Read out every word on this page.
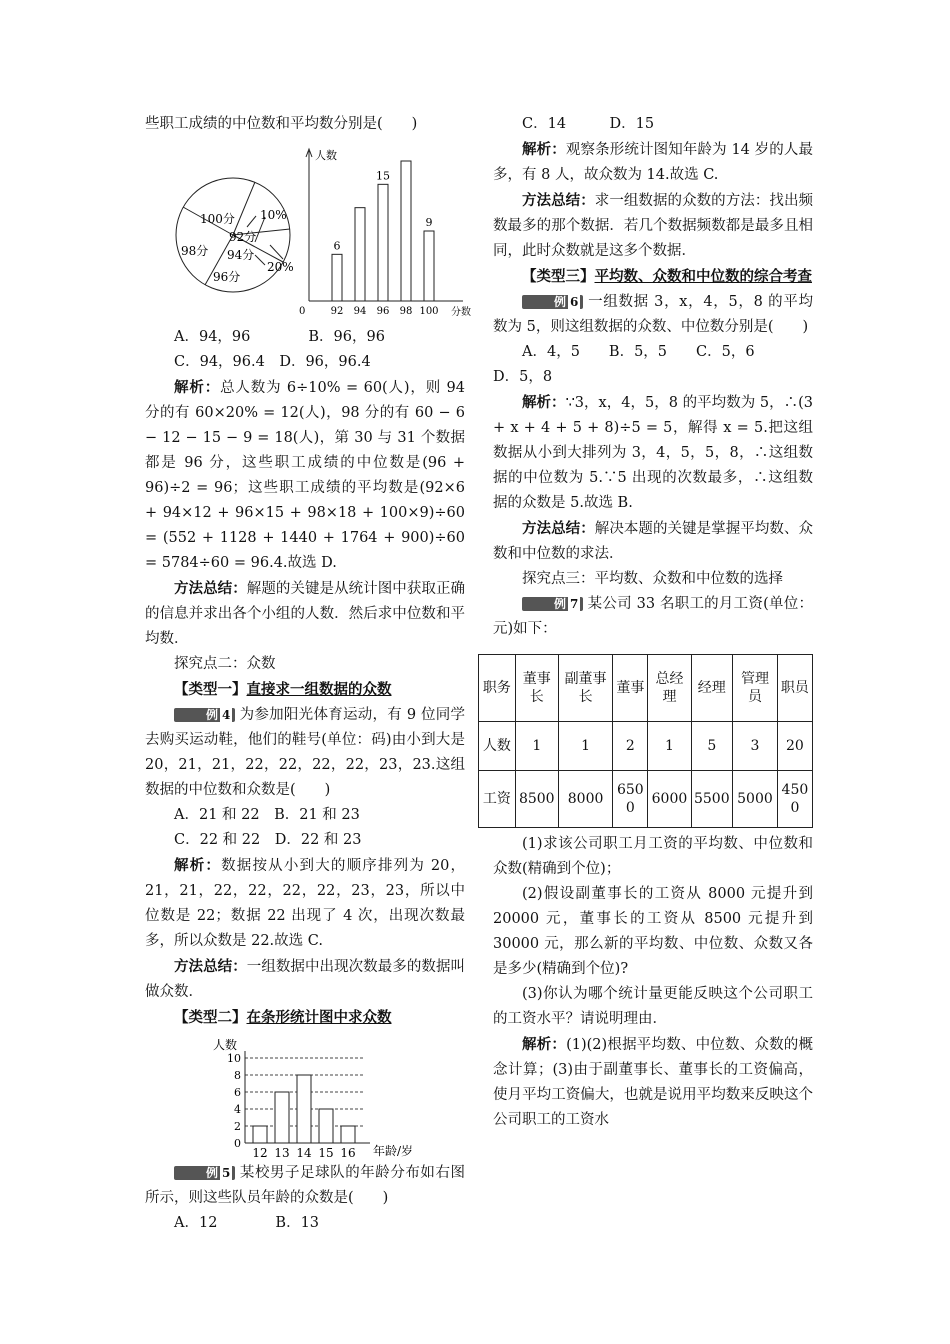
些职工成绩的中位数和平均数分别是(　　)

100分
92分
94分
96分
98分
10%
20%
人数
分数
0	92
6
94 96
15
98 100
9

A．94，96　　　　B．96，96

C．94，96.4　D．96，96.4

解析：总人数为 6÷10% = 60(人)，则 94 分的有 60×20% = 12(人)，98 分的有 60 − 6 − 12 − 15 − 9 = 18(人)，第 30 与 31 个数据都是 96 分，这些职工成绩的中位数是(96 + 96)÷2 = 96；这些职工成绩的平均数是(92×6 + 94×12 + 96×15 + 98×18 + 100×9)÷60 = (552 + 1128 + 1440 + 1764 + 900)÷60 = 5784÷60 = 96.4.故选 D.

方法总结：解题的关键是从统计图中获取正确的信息并求出各个小组的人数．然后求中位数和平均数．

探究点二：众数

【类型一】直接求一组数据的众数

例 4 为参加阳光体育运动，有 9 位同学去购买运动鞋，他们的鞋号(单位：码)由小到大是 20，21，21，22，22，22，22，23，23.这组数据的中位数和众数是(　　)

A．21 和 22　B．21 和 23

C．22 和 22　D．22 和 23

解析：数据按从小到大的顺序排列为 20，21，21，22，22，22，22，23，23，所以中位数是 22；数据 22 出现了 4 次，出现次数最多，所以众数是 22.故选 C.

方法总结：一组数据中出现次数最多的数据叫做众数．

【类型二】在条形统计图中求众数

人数
0
2
4
6
8
10
年龄/岁
12 13 14 15 16

例 5 某校男子足球队的年龄分布如右图所示，则这些队员年龄的众数是(　　)

A．12　　　　B．13

C．14　　　D．15

解析：观察条形统计图知年龄为 14 岁的人最多，有 8 人，故众数为 14.故选 C.

方法总结：求一组数据的众数的方法：找出频数最多的那个数据．若几个数据频数都是最多且相同，此时众数就是这多个数据．

【类型三】平均数、众数和中位数的综合考查

例 6 一组数据 3，x，4，5，8 的平均数为 5，则这组数据的众数、中位数分别是(　　)

A．4，5　　B．5，5　　C．5，6

D．5，8

解析：∵3，x，4，5，8 的平均数为 5，∴(3 + x + 4 + 5 + 8)÷5 = 5，解得 x = 5.把这组数据从小到大排列为 3，4，5，5，8，∴这组数据的中位数为 5.∵5 出现的次数最多，∴这组数据的众数是 5.故选 B.

方法总结：解决本题的关键是掌握平均数、众数和中位数的求法．

探究点三：平均数、众数和中位数的选择

例 7 某公司 33 名职工的月工资(单位：元)如下：

职务	董事长	副董事长	董事	总经理	经理	管理员	职员
人数	1	1	2	1	5	3	20
工资	8500	8000	6500	6000	5500	5000	4500

(1)求该公司职工月工资的平均数、中位数和众数(精确到个位)；

(2)假设副董事长的工资从 8000 元提升到 20000 元，董事长的工资从 8500 元提升到 30000 元，那么新的平均数、中位数、众数又各是多少(精确到个位)?

(3)你认为哪个统计量更能反映这个公司职工的工资水平？请说明理由．

解析：(1)(2)根据平均数、中位数、众数的概念计算；(3)由于副董事长、董事长的工资偏高，使月平均工资偏大，也就是说用平均数来反映这个公司职工的工资水
